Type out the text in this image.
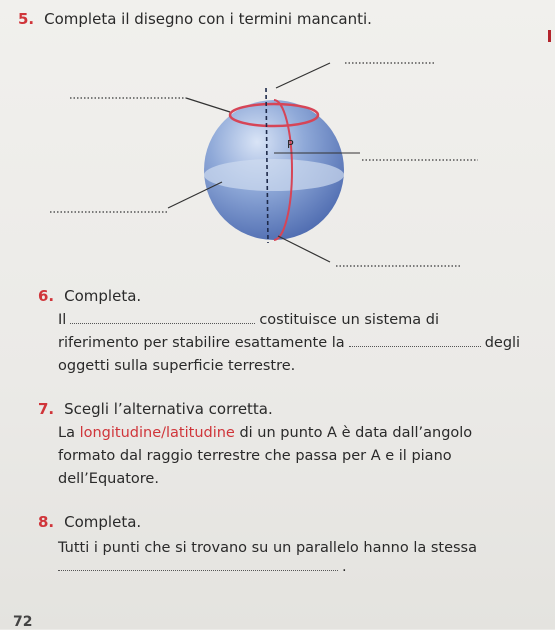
5. Completa il disegno con i termini mancanti.
P
6. Completa.
Il	costituisce un sistema di
riferimento per stabilire esattamente la	degli
oggetti sulla superficie terrestre.
7. Scegli l’alternativa corretta.
La longitudine/latitudine di un punto A è data dall’angolo
formato dal raggio terrestre che passa per A e il piano
dell’Equatore.
8. Completa.
Tutti i punti che si trovano su un parallelo hanno la stessa
.
72
